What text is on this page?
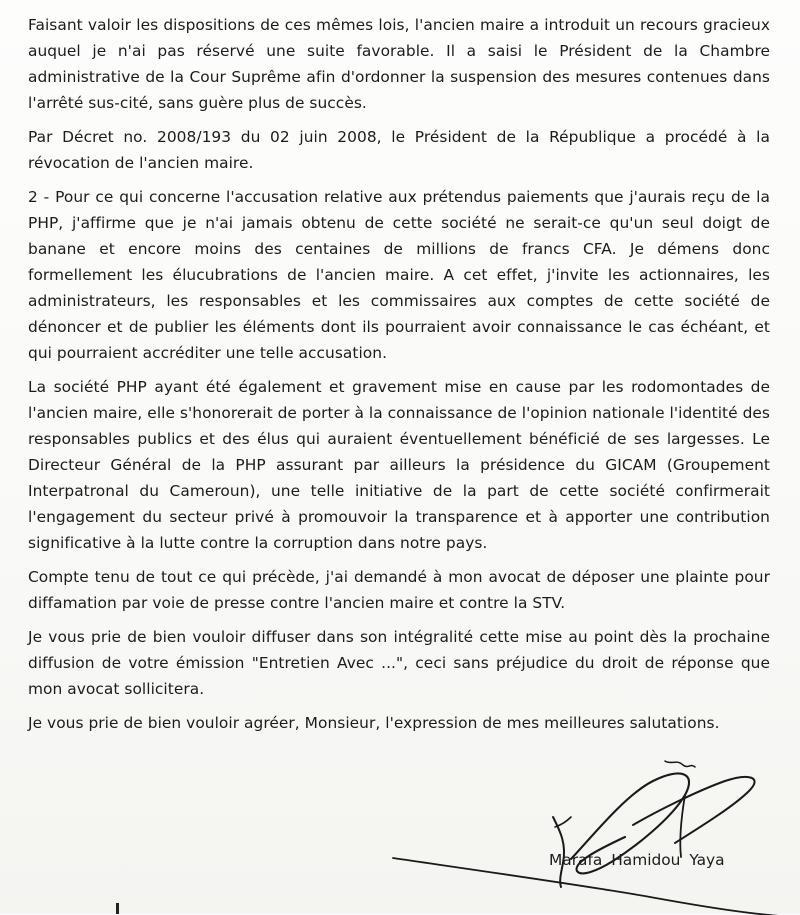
Faisant valoir les dispositions de ces mêmes lois, l'ancien maire a introduit un recours gracieux auquel je n'ai pas réservé une suite favorable. Il a saisi le Président de la Chambre administrative de la Cour Suprême afin d'ordonner la suspension des mesures contenues dans l'arrêté sus-cité, sans guère plus de succès.

Par Décret no. 2008/193 du 02 juin 2008, le Président de la République a procédé à la révocation de l'ancien maire.

2 - Pour ce qui concerne l'accusation relative aux prétendus paiements que j'aurais reçu de la PHP, j'affirme que je n'ai jamais obtenu de cette société ne serait-ce qu'un seul doigt de banane et encore moins des centaines de millions de francs CFA. Je démens donc formellement les élucubrations de l'ancien maire. A cet effet, j'invite les actionnaires, les administrateurs, les responsables et les commissaires aux comptes de cette société de dénoncer et de publier les éléments dont ils pourraient avoir connaissance le cas échéant, et qui pourraient accréditer une telle accusation.

La société PHP ayant été également et gravement mise en cause par les rodomontades de l'ancien maire, elle s'honorerait de porter à la connaissance de l'opinion nationale l'identité des responsables publics et des élus qui auraient éventuellement bénéficié de ses largesses. Le Directeur Général de la PHP assurant par ailleurs la présidence du GICAM (Groupement Interpatronal du Cameroun), une telle initiative de la part de cette société confirmerait l'engagement du secteur privé à promouvoir la transparence et à apporter une contribution significative à la lutte contre la corruption dans notre pays.

Compte tenu de tout ce qui précède, j'ai demandé à mon avocat de déposer une plainte pour diffamation par voie de presse contre l'ancien maire et contre la STV.

Je vous prie de bien vouloir diffuser dans son intégralité cette mise au point dès la prochaine diffusion de votre émission "Entretien Avec ...", ceci sans préjudice du droit de réponse que mon avocat sollicitera.

Je vous prie de bien vouloir agréer, Monsieur, l'expression de mes meilleures salutations.

Marafa Hamidou Yaya
